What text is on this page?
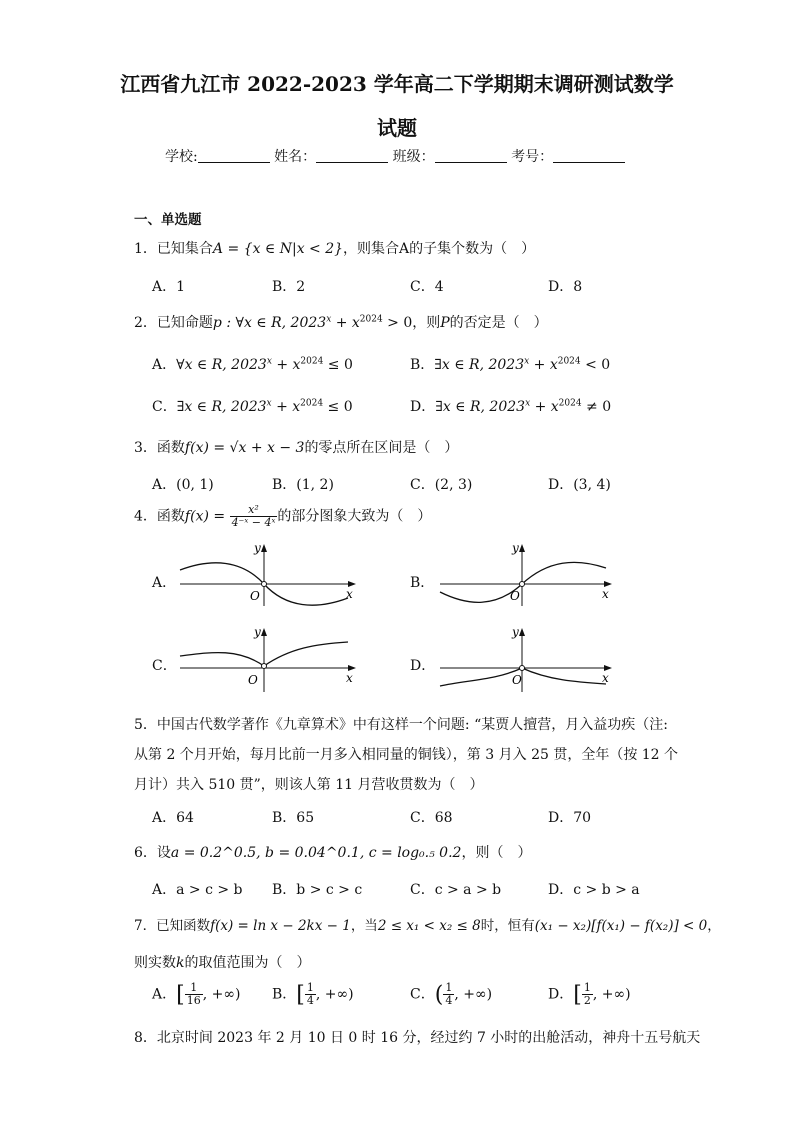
江西省九江市 2022-2023 学年高二下学期期末调研测试数学
试题
学校:	姓名：	班级：	考号：
一、单选题
1．已知集合A = {x ∈ N|x < 2}，则集合A的子集个数为（　）
A．1	B．2	C．4	D．8
2．已知命题p : ∀x ∈ R, $2023^x + x^{2024} > 0$，则P的否定是（　）
A．∀x ∈ R, $2023^x + x^{2024} \le 0$	B．∃x ∈ R, $2023^x + x^{2024} < 0$
C．∃x ∈ R, $2023^x + x^{2024} \le 0$	D．∃x ∈ R, $2023^x + x^{2024} \ne 0$
3．函数f(x) = √x + x − 3的零点所在区间是（　）
A．(0, 1)	B．(1, 2)	C．(2, 3)	D．(3, 4)
4．函数$f(x) = \frac{\text{x²}}{\text{4⁻ˣ − 4ˣ}}$ 的部分图象大致为（　）
A．	B．
C．	D．
y
x
O
y
x
O
y
x
O
y
x
O
5．中国古代数学著作《九章算术》中有这样一个问题: “某贾人擅营，月入益功疾（注:
从第 2 个月开始，每月比前一月多入相同量的铜钱），第 3 月入 25 贯，全年（按 12 个
月计）共入 510 贯”，则该人第 11 月营收贯数为（　）
A．64	B．65	C．68	D．70
6．设a = 0.2^0.5, b = 0.04^0.1, c = log₀.₅ 0.2，则（　）
A．a > c > b B．b > c > c	C．c > a > b	D．c > b > a
7．已知函数f(x) = ln x − 2kx − 1，当2 ≤ x₁ < x₂ ≤ 8时，恒有(x₁ − x₂)[f(x₁) − f(x₂)] < 0，
则实数k的取值范围为（　）
A．[ $\frac{1}{16}$ , +∞) B．[ $\frac{1}{4}$ , +∞)	C．( $\frac{1}{4}$ , +∞)	D．[ $\frac{1}{2}$ , +∞)
8．北京时间 2023 年 2 月 10 日 0 时 16 分，经过约 7 小时的出舱活动，神舟十五号航天
